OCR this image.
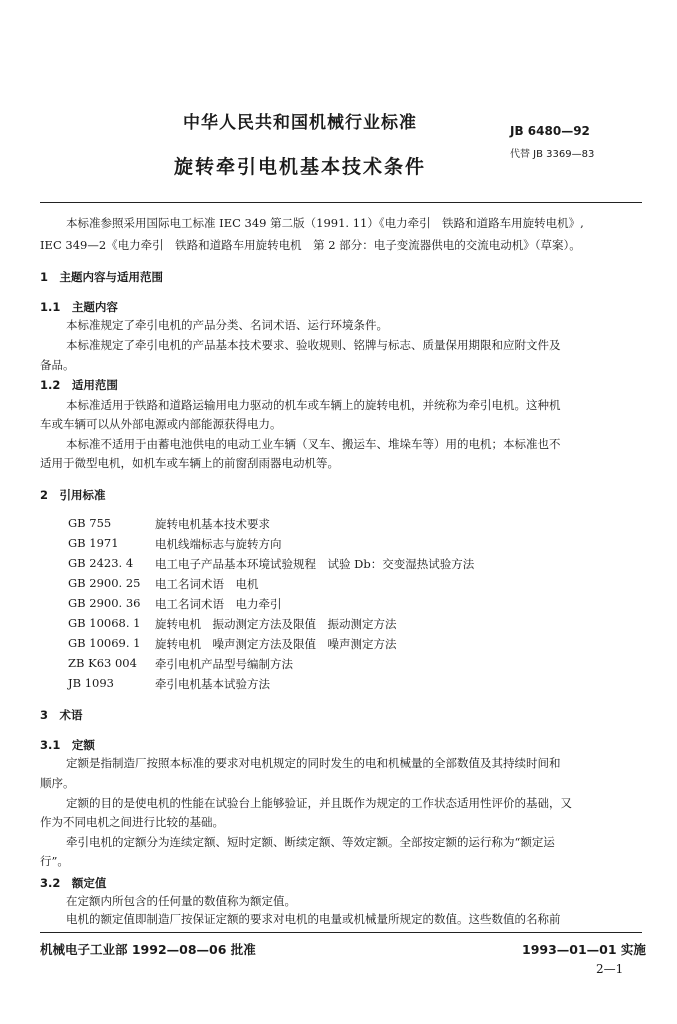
中华人民共和国机械行业标准	JB 6480—92
代替 JB 3369—83
旋转牵引电机基本技术条件
本标准参照采用国际电工标准 IEC 349 第二版（1991. 11）《电力牵引　铁路和道路车用旋转电机》,
IEC 349—2《电力牵引　铁路和道路车用旋转电机　第 2 部分：电子变流器供电的交流电动机》（草案）。
1　主题内容与适用范围
1.1　主题内容
本标准规定了牵引电机的产品分类、名词术语、运行环境条件。
本标准规定了牵引电机的产品基本技术要求、验收规则、铭牌与标志、质量保用期限和应附文件及
备品。
1.2　适用范围
本标准适用于铁路和道路运输用电力驱动的机车或车辆上的旋转电机，并统称为牵引电机。这种机
车或车辆可以从外部电源或内部能源获得电力。
本标准不适用于由蓄电池供电的电动工业车辆（叉车、搬运车、堆垛车等）用的电机；本标准也不
适用于微型电机，如机车或车辆上的前窗刮雨器电动机等。
2　引用标准
GB 755	旋转电机基本技术要求
GB 1971	电机线端标志与旋转方向
GB 2423. 4 电工电子产品基本环境试验规程　试验 Db：交变湿热试验方法
GB 2900. 25 电工名词术语　电机
GB 2900. 36 电工名词术语　电力牵引
GB 10068. 1 旋转电机　振动测定方法及限值　振动测定方法
GB 10069. 1 旋转电机　噪声测定方法及限值　噪声测定方法
ZB K63 004 牵引电机产品型号编制方法
JB 1093	牵引电机基本试验方法
3　术语
3.1　定额
定额是指制造厂按照本标准的要求对电机规定的同时发生的电和机械量的全部数值及其持续时间和
顺序。
定额的目的是使电机的性能在试验台上能够验证，并且既作为规定的工作状态适用性评价的基础，又
作为不同电机之间进行比较的基础。
牵引电机的定额分为连续定额、短时定额、断续定额、等效定额。全部按定额的运行称为“额定运
行”。
3.2　额定值
在定额内所包含的任何量的数值称为额定值。
电机的额定值即制造厂按保证定额的要求对电机的电量或机械量所规定的数值。这些数值的名称前
机械电子工业部 1992—08—06 批准	1993—01—01 实施
2—1
